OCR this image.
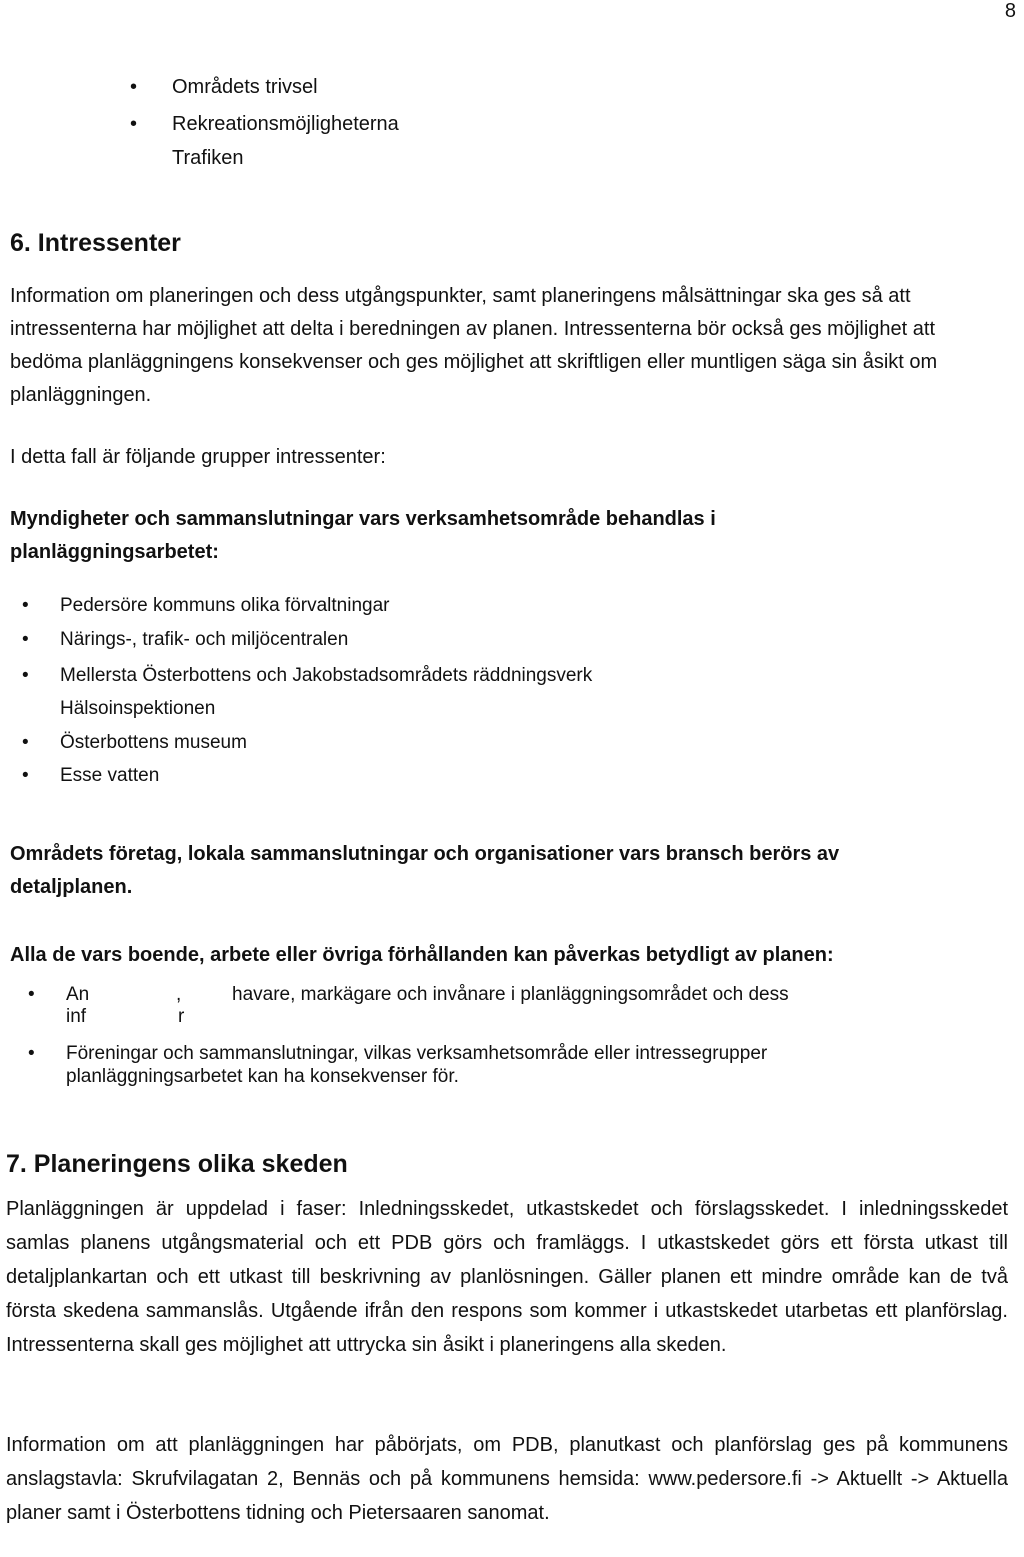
8
• Områdets trivsel
• Rekreationsmöjligheterna
Trafiken
6. Intressenter

Information om planeringen och dess utgångspunkter, samt planeringens målsättningar ska ges så att intressenterna har möjlighet att delta i beredningen av planen. Intressenterna bör också ges möjlighet att bedöma planläggningens konsekvenser och ges möjlighet att skriftligen eller muntligen säga sin åsikt om planläggningen.

I detta fall är följande grupper intressenter:

Myndigheter och sammanslutningar vars verksamhetsområde behandlas i planläggningsarbetet:

• Pedersöre kommuns olika förvaltningar
• Närings-, trafik- och miljöcentralen
• Mellersta Österbottens och Jakobstadsområdets räddningsverk
Hälsoinspektionen
• Österbottens museum
• Esse vatten

Områdets företag, lokala sammanslutningar och organisationer vars bransch berörs av detaljplanen.

Alla de vars boende, arbete eller övriga förhållanden kan påverkas betydligt av planen:

• An	,	havare, markägare och invånare i planläggningsområdet och dess
inf	r
• Föreningar och sammanslutningar, vilkas verksamhetsområde eller intressegrupper
planläggningsarbetet kan ha konsekvenser för.
7. Planeringens olika skeden

Planläggningen är uppdelad i faser: Inledningsskedet, utkastskedet och förslagsskedet. I inledningsskedet samlas planens utgångsmaterial och ett PDB görs och framläggs. I utkastskedet görs ett första utkast till detaljplankartan och ett utkast till beskrivning av planlösningen. Gäller planen ett mindre område kan de två första skedena sammanslås. Utgående ifrån den respons som kommer i utkastskedet utarbetas ett planförslag. Intressenterna skall ges möjlighet att uttrycka sin åsikt i planeringens alla skeden.

Information om att planläggningen har påbörjats, om PDB, planutkast och planförslag ges på kommunens anslagstavla: Skrufvilagatan 2, Bennäs och på kommunens hemsida: www.pedersore.fi -> Aktuellt -> Aktuella planer samt i Österbottens tidning och Pietersaaren sanomat.
